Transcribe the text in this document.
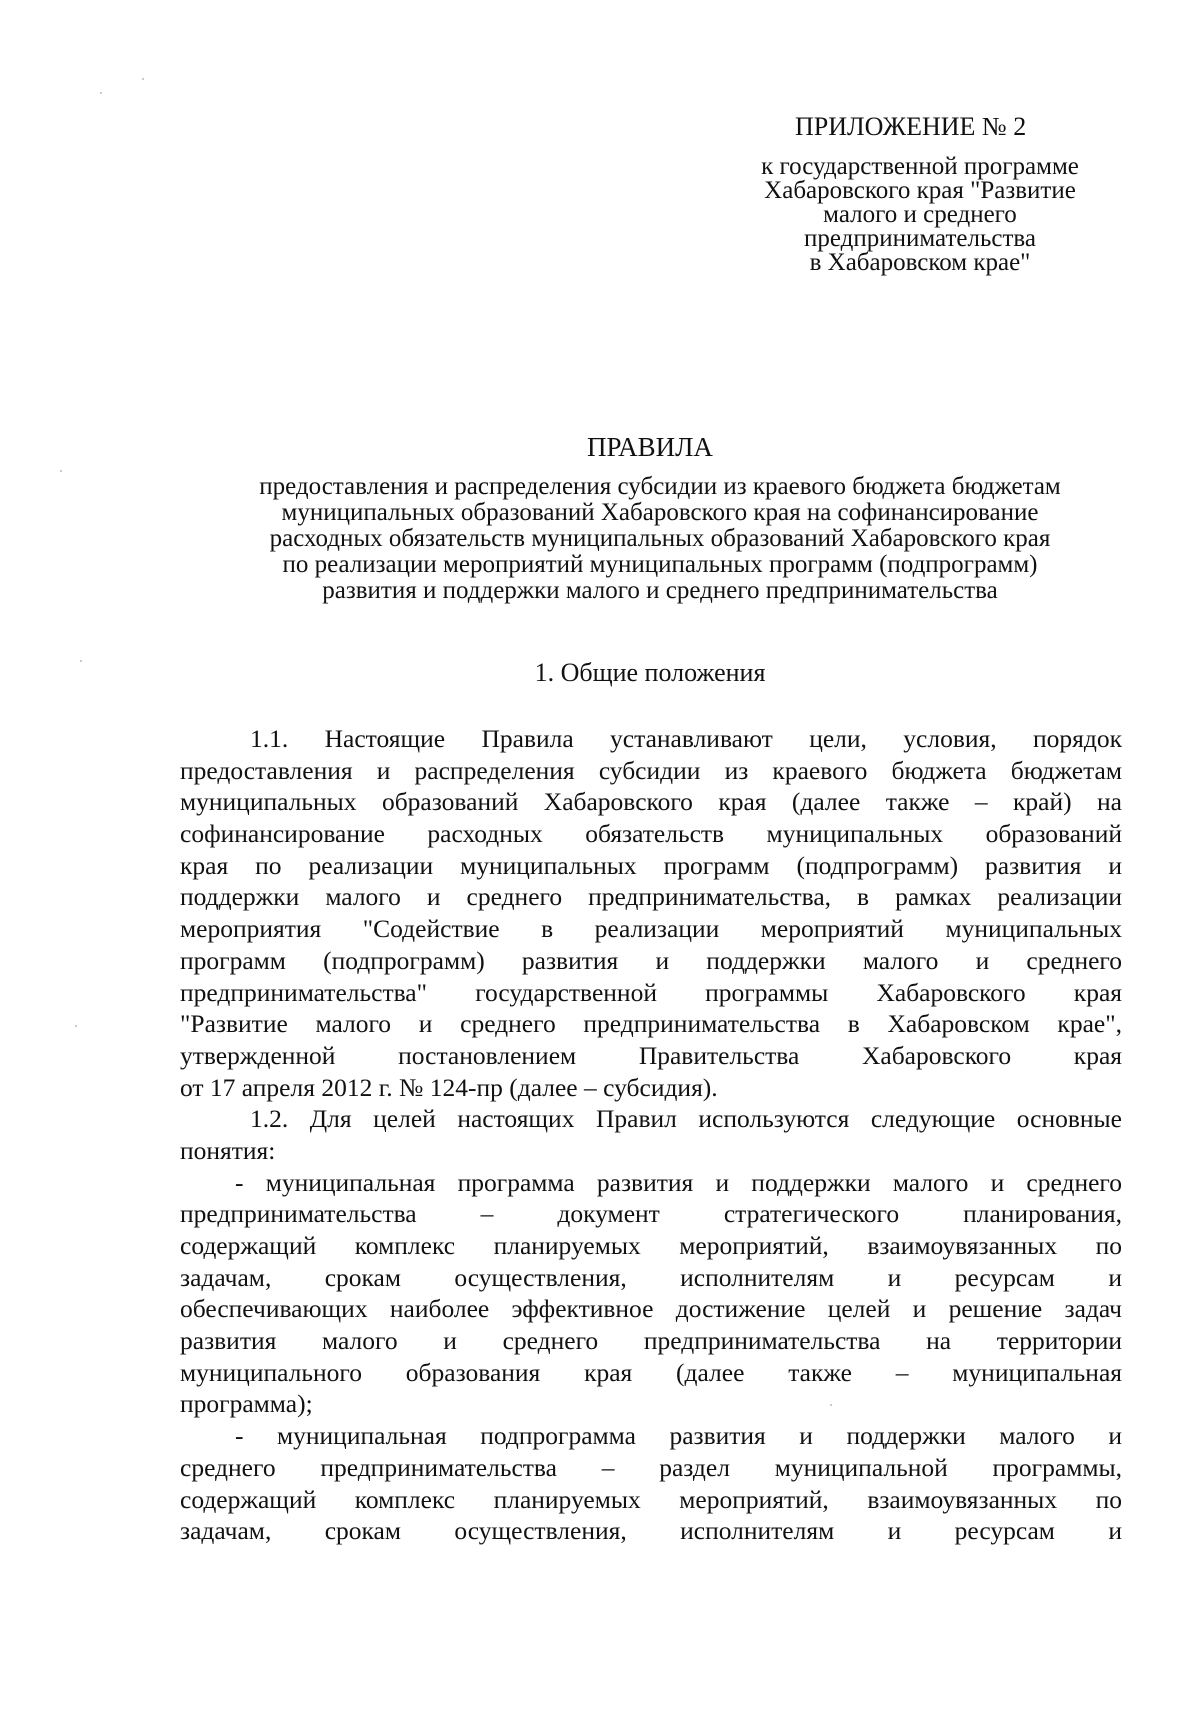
ПРИЛОЖЕНИЕ № 2
к государственной программе
Хабаровского края "Развитие
малого и среднего
предпринимательства
в Хабаровском крае"
ПРАВИЛА
предоставления и распределения субсидии из краевого бюджета бюджетам
муниципальных образований Хабаровского края на софинансирование
расходных обязательств муниципальных образований Хабаровского края
по реализации мероприятий муниципальных программ (подпрограмм)
развития и поддержки малого и среднего предпринимательства
1. Общие положения
1.1. Настоящие Правила устанавливают цели, условия, порядок
предоставления и распределения субсидии из краевого бюджета бюджетам
муниципальных образований Хабаровского края (далее также – край) на
софинансирование расходных обязательств муниципальных образований
края по реализации муниципальных программ (подпрограмм) развития и
поддержки малого и среднего предпринимательства, в рамках реализации
мероприятия "Содействие в реализации мероприятий муниципальных
программ (подпрограмм) развития и поддержки малого и среднего
предпринимательства" государственной программы Хабаровского края
"Развитие малого и среднего предпринимательства в Хабаровском крае",
утвержденной постановлением Правительства Хабаровского края
от 17 апреля 2012 г. № 124-пр (далее – субсидия).
1.2. Для целей настоящих Правил используются следующие основные
понятия:
- муниципальная программа развития и поддержки малого и среднего
предпринимательства – документ стратегического планирования,
содержащий комплекс планируемых мероприятий, взаимоувязанных по
задачам, срокам осуществления, исполнителям и ресурсам и
обеспечивающих наиболее эффективное достижение целей и решение задач
развития малого и среднего предпринимательства на территории
муниципального образования края (далее также – муниципальная
программа);
- муниципальная подпрограмма развития и поддержки малого и
среднего предпринимательства – раздел муниципальной программы,
содержащий комплекс планируемых мероприятий, взаимоувязанных по
задачам, срокам осуществления, исполнителям и ресурсам и
